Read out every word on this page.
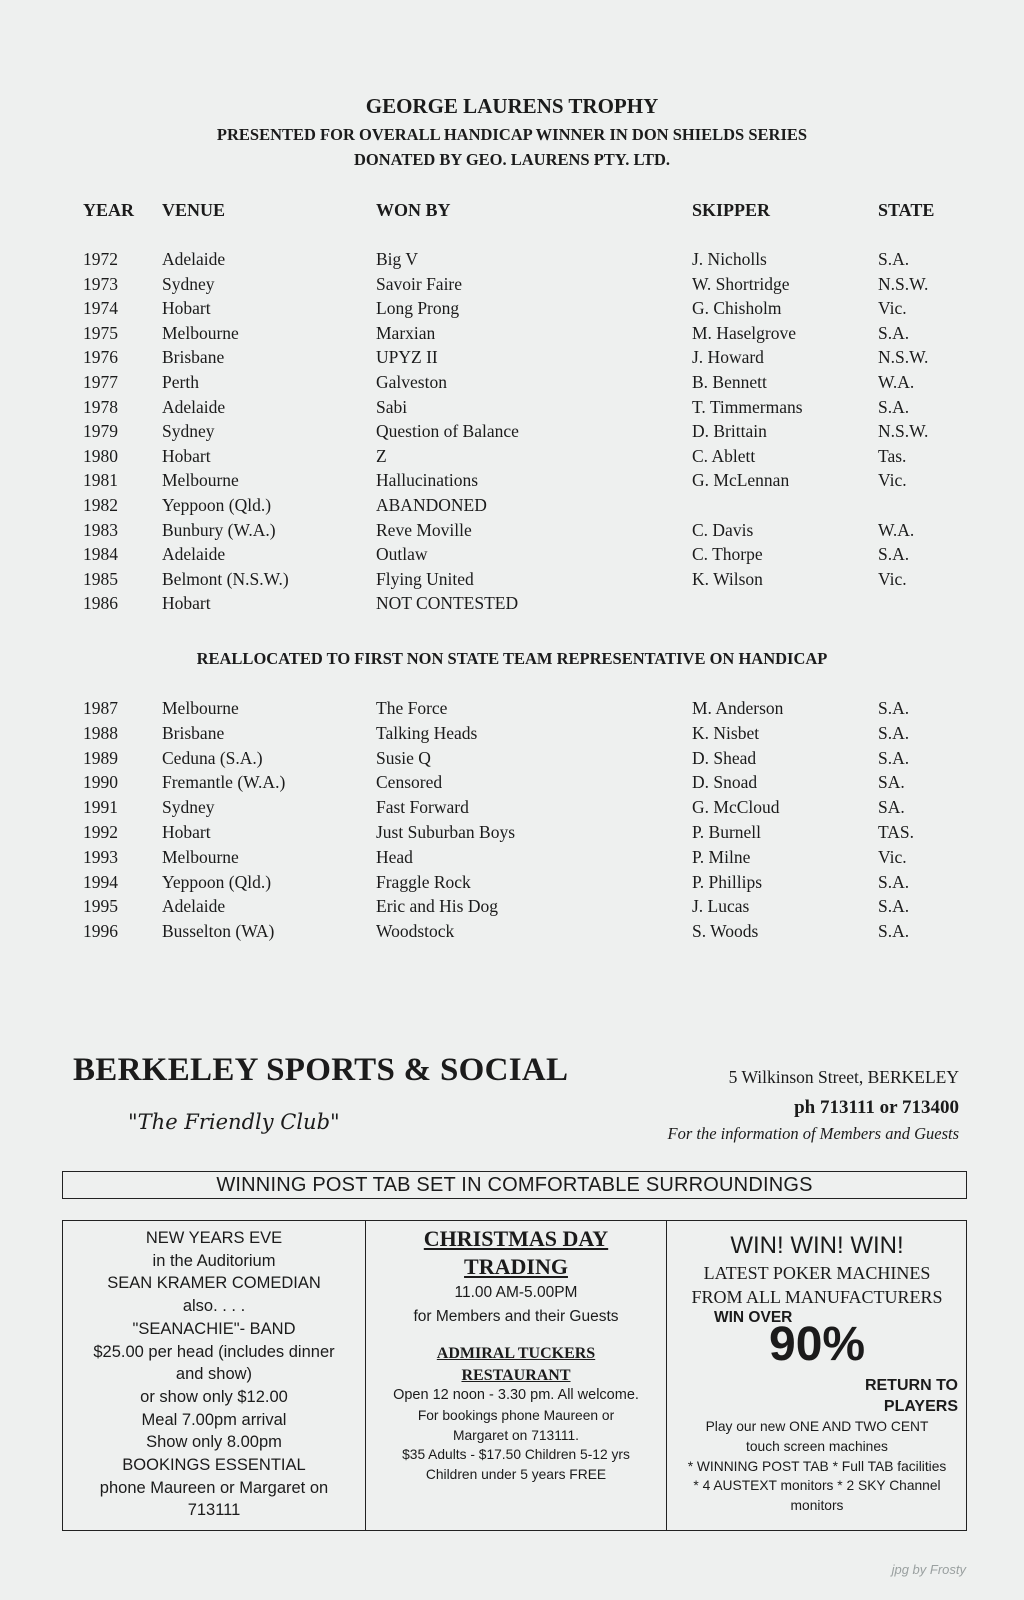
GEORGE LAURENS TROPHY
PRESENTED FOR OVERALL HANDICAP WINNER IN DON SHIELDS SERIES
DONATED BY GEO. LAURENS PTY. LTD.
YEAR VENUE	WON BY	SKIPPER	STATE
1972	Adelaide	Big V	J. Nicholls	S.A.
1973	Sydney	Savoir Faire	W. Shortridge	N.S.W.
1974	Hobart	Long Prong	G. Chisholm	Vic.
1975	Melbourne	Marxian	M. Haselgrove	S.A.
1976	Brisbane	UPYZ II	J. Howard	N.S.W.
1977	Perth	Galveston	B. Bennett	W.A.
1978	Adelaide	Sabi	T. Timmermans	S.A.
1979	Sydney	Question of Balance	D. Brittain	N.S.W.
1980	Hobart	Z	C. Ablett	Tas.
1981	Melbourne	Hallucinations	G. McLennan	Vic.
1982	Yeppoon (Qld.)	ABANDONED
1983	Bunbury (W.A.)	Reve Moville	C. Davis	W.A.
1984	Adelaide	Outlaw	C. Thorpe	S.A.
1985	Belmont (N.S.W.)	Flying United	K. Wilson	Vic.
1986	Hobart	NOT CONTESTED
REALLOCATED TO FIRST NON STATE TEAM REPRESENTATIVE ON HANDICAP
1987	Melbourne	The Force	M. Anderson	S.A.
1988	Brisbane	Talking Heads	K. Nisbet	S.A.
1989	Ceduna (S.A.)	Susie Q	D. Shead	S.A.
1990	Fremantle (W.A.)	Censored	D. Snoad	SA.
1991	Sydney	Fast Forward	G. McCloud	SA.
1992	Hobart	Just Suburban Boys	P. Burnell	TAS.
1993	Melbourne	Head	P. Milne	Vic.
1994	Yeppoon (Qld.)	Fraggle Rock	P. Phillips	S.A.
1995	Adelaide	Eric and His Dog	J. Lucas	S.A.
1996	Busselton (WA)	Woodstock	S. Woods	S.A.
BERKELEY SPORTS & SOCIAL
"The Friendly Club"
5 Wilkinson Street, BERKELEY
ph 713111 or 713400
For the information of Members and Guests
WINNING POST TAB SET IN COMFORTABLE SURROUNDINGS
NEW YEARS EVE
in the Auditorium
SEAN KRAMER COMEDIAN
also. . . .
"SEANACHIE"- BAND
$25.00 per head (includes dinner
and show)
or show only $12.00
Meal 7.00pm arrival
Show only 8.00pm
BOOKINGS ESSENTIAL
phone Maureen or Margaret on
713111
CHRISTMAS DAY
TRADING
11.00 AM-5.00PM
for Members and their Guests
ADMIRAL TUCKERS
RESTAURANT
Open 12 noon - 3.30 pm. All welcome.
For bookings phone Maureen or
Margaret on 713111.
$35 Adults - $17.50 Children 5-12 yrs
Children under 5 years FREE
WIN! WIN! WIN!
LATEST POKER MACHINES
FROM ALL MANUFACTURERS
WIN OVER
90%
RETURN TO
PLAYERS
Play our new ONE AND TWO CENT
touch screen machines
* WINNING POST TAB * Full TAB facilities
* 4 AUSTEXT monitors * 2 SKY Channel
monitors
jpg by Frosty
